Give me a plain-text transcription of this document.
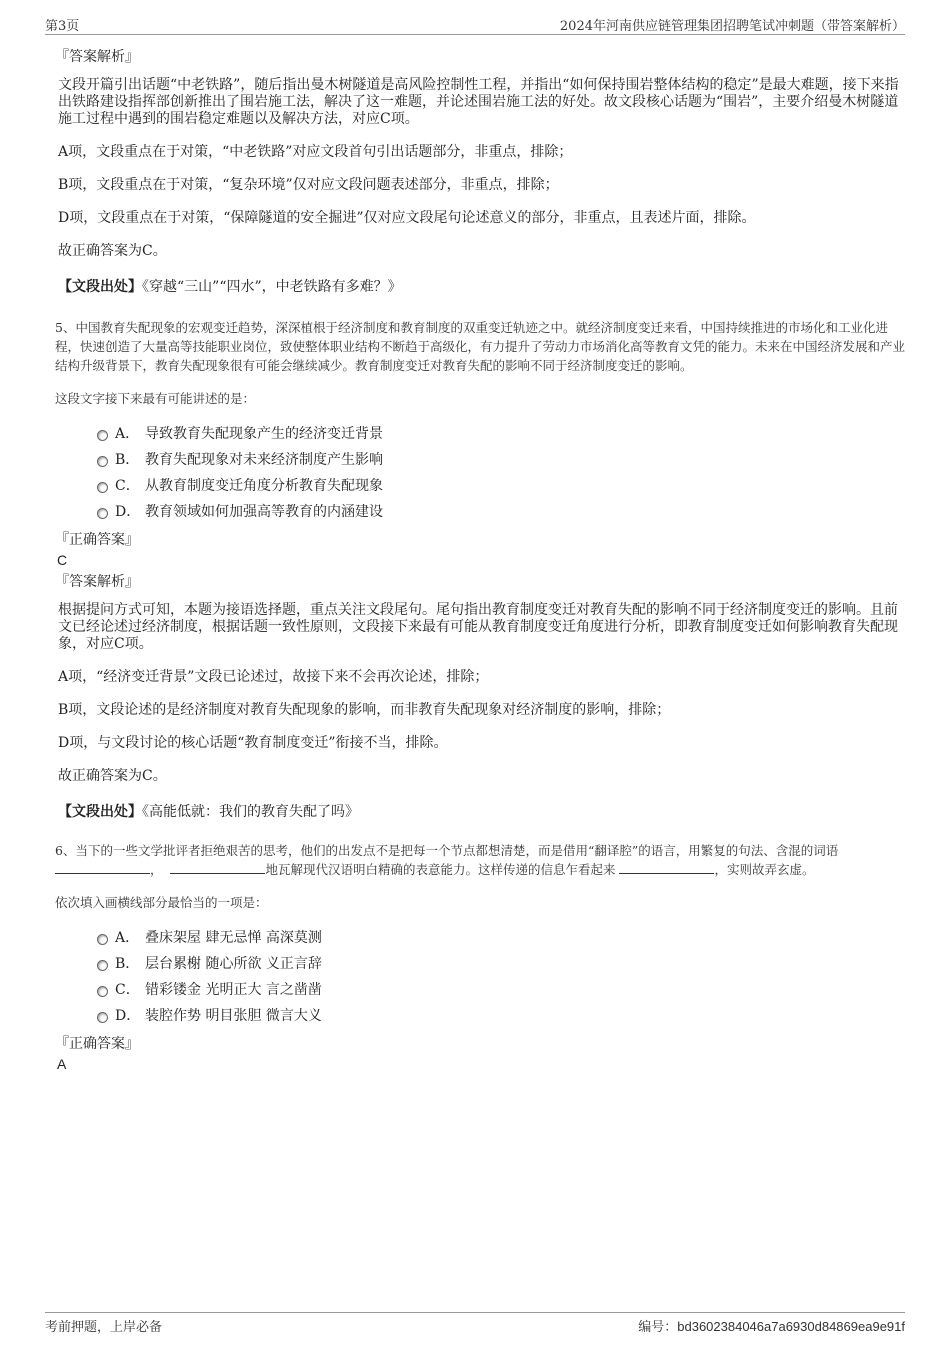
第3页	2024年河南供应链管理集团招聘笔试冲刺题（带答案解析）

『答案解析』

文段开篇引出话题“中老铁路”，随后指出曼木树隧道是高风险控制性工程，并指出“如何保持围岩整体结构的稳定”是最大难题，接下来指出铁路建设指挥部创新推出了围岩施工法，解决了这一难题，并论述围岩施工法的好处。故文段核心话题为“围岩”，主要介绍曼木树隧道施工过程中遇到的围岩稳定难题以及解决方法，对应C项。

A项，文段重点在于对策，“中老铁路”对应文段首句引出话题部分，非重点，排除；

B项，文段重点在于对策，“复杂环境”仅对应文段问题表述部分，非重点，排除；

D项，文段重点在于对策，“保障隧道的安全掘进”仅对应文段尾句论述意义的部分，非重点，且表述片面，排除。

故正确答案为C。

【文段出处】《穿越“三山”“四水”，中老铁路有多难？》

5、中国教育失配现象的宏观变迁趋势，深深植根于经济制度和教育制度的双重变迁轨迹之中。就经济制度变迁来看，中国持续推进的市场化和工业化进程，快速创造了大量高等技能职业岗位，致使整体职业结构不断趋于高级化，有力提升了劳动力市场消化高等教育文凭的能力。未来在中国经济发展和产业结构升级背景下，教育失配现象很有可能会继续减少。教育制度变迁对教育失配的影响不同于经济制度变迁的影响。

这段文字接下来最有可能讲述的是：

A． 导致教育失配现象产生的经济变迁背景
B． 教育失配现象对未来经济制度产生影响
C． 从教育制度变迁角度分析教育失配现象
D． 教育领域如何加强高等教育的内涵建设

『正确答案』

C

『答案解析』

根据提问方式可知，本题为接语选择题，重点关注文段尾句。尾句指出教育制度变迁对教育失配的影响不同于经济制度变迁的影响。且前文已经论述过经济制度，根据话题一致性原则，文段接下来最有可能从教育制度变迁角度进行分析，即教育制度变迁如何影响教育失配现象，对应C项。

A项，“经济变迁背景”文段已论述过，故接下来不会再次论述，排除；

B项，文段论述的是经济制度对教育失配现象的影响，而非教育失配现象对经济制度的影响，排除；

D项，与文段讨论的核心话题“教育制度变迁”衔接不当，排除。

故正确答案为C。

【文段出处】《高能低就：我们的教育失配了吗》

6、当下的一些文学批评者拒绝艰苦的思考，他们的出发点不是把每一个节点都想清楚，而是借用“翻译腔”的语言，用繁复的句法、含混的词语，	地瓦解现代汉语明白精确的表意能力。这样传递的信息乍看起来	，实则故弄玄虚。

依次填入画横线部分最恰当的一项是：

A． 叠床架屋 肆无忌惮 高深莫测
B． 层台累榭 随心所欲 义正言辞
C． 错彩镂金 光明正大 言之凿凿
D． 装腔作势 明目张胆 微言大义

『正确答案』

A

考前押题，上岸必备	编号：bd3602384046a7a6930d84869ea9e91f
